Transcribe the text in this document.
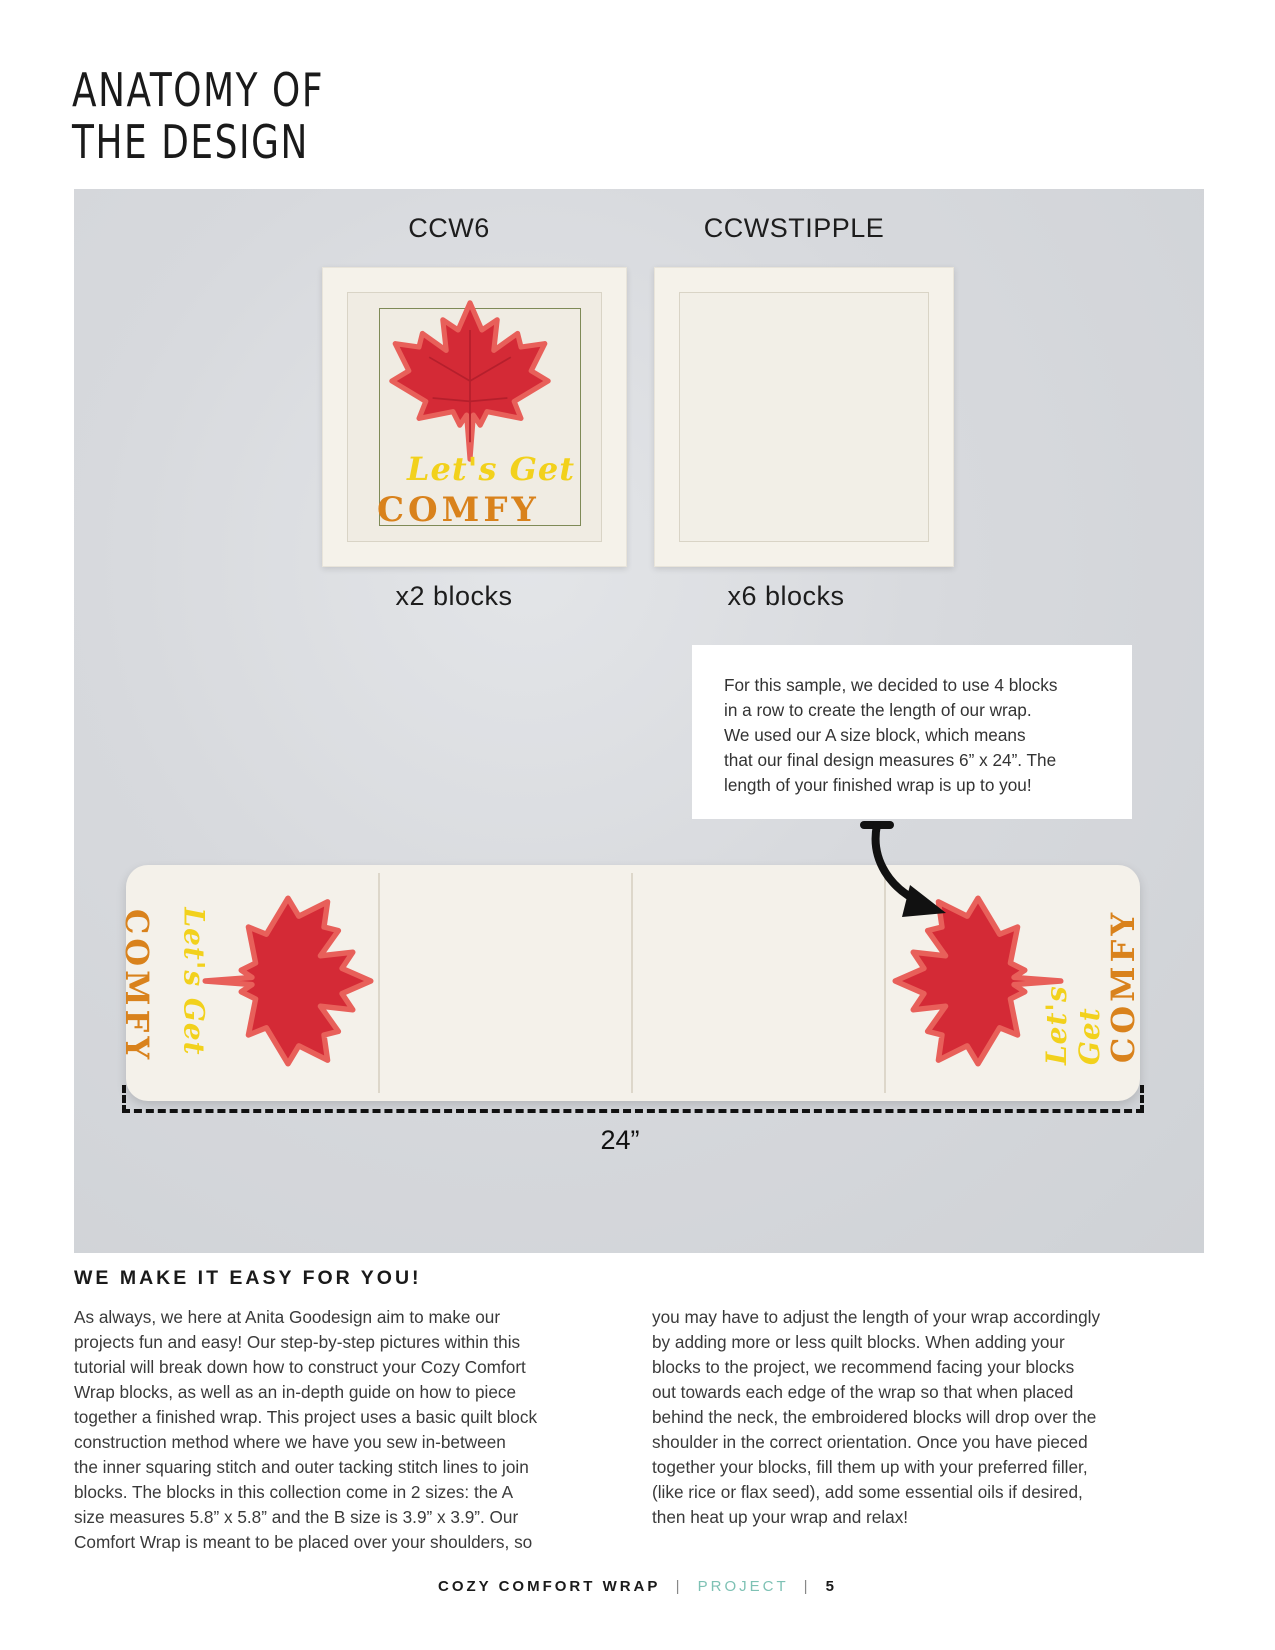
ANATOMY OF
THE DESIGN
CCW6	CCWSTIPPLE
Let's Get
COMFY
x2 blocks	x6 blocks
COMFY Let's Get	Let's Get
COMFY
For this sample, we decided to use 4 blocks
in a row to create the length of our wrap.
We used our A size block, which means
that our final design measures 6” x 24”. The
length of your finished wrap is up to you!
24”
WE MAKE IT EASY FOR YOU!
As always, we here at Anita Goodesign aim to make our
projects fun and easy! Our step-by-step pictures within this
tutorial will break down how to construct your Cozy Comfort
Wrap blocks, as well as an in-depth guide on how to piece
together a finished wrap. This project uses a basic quilt block
construction method where we have you sew in-between
the inner squaring stitch and outer tacking stitch lines to join
blocks. The blocks in this collection come in 2 sizes: the A
size measures 5.8” x 5.8” and the B size is 3.9” x 3.9”. Our
Comfort Wrap is meant to be placed over your shoulders, so
you may have to adjust the length of your wrap accordingly
by adding more or less quilt blocks. When adding your
blocks to the project, we recommend facing your blocks
out towards each edge of the wrap so that when placed
behind the neck, the embroidered blocks will drop over the
shoulder in the correct orientation. Once you have pieced
together your blocks, fill them up with your preferred filler,
(like rice or flax seed), add some essential oils if desired,
then heat up your wrap and relax!
COZY COMFORT WRAP | PROJECT | 5
